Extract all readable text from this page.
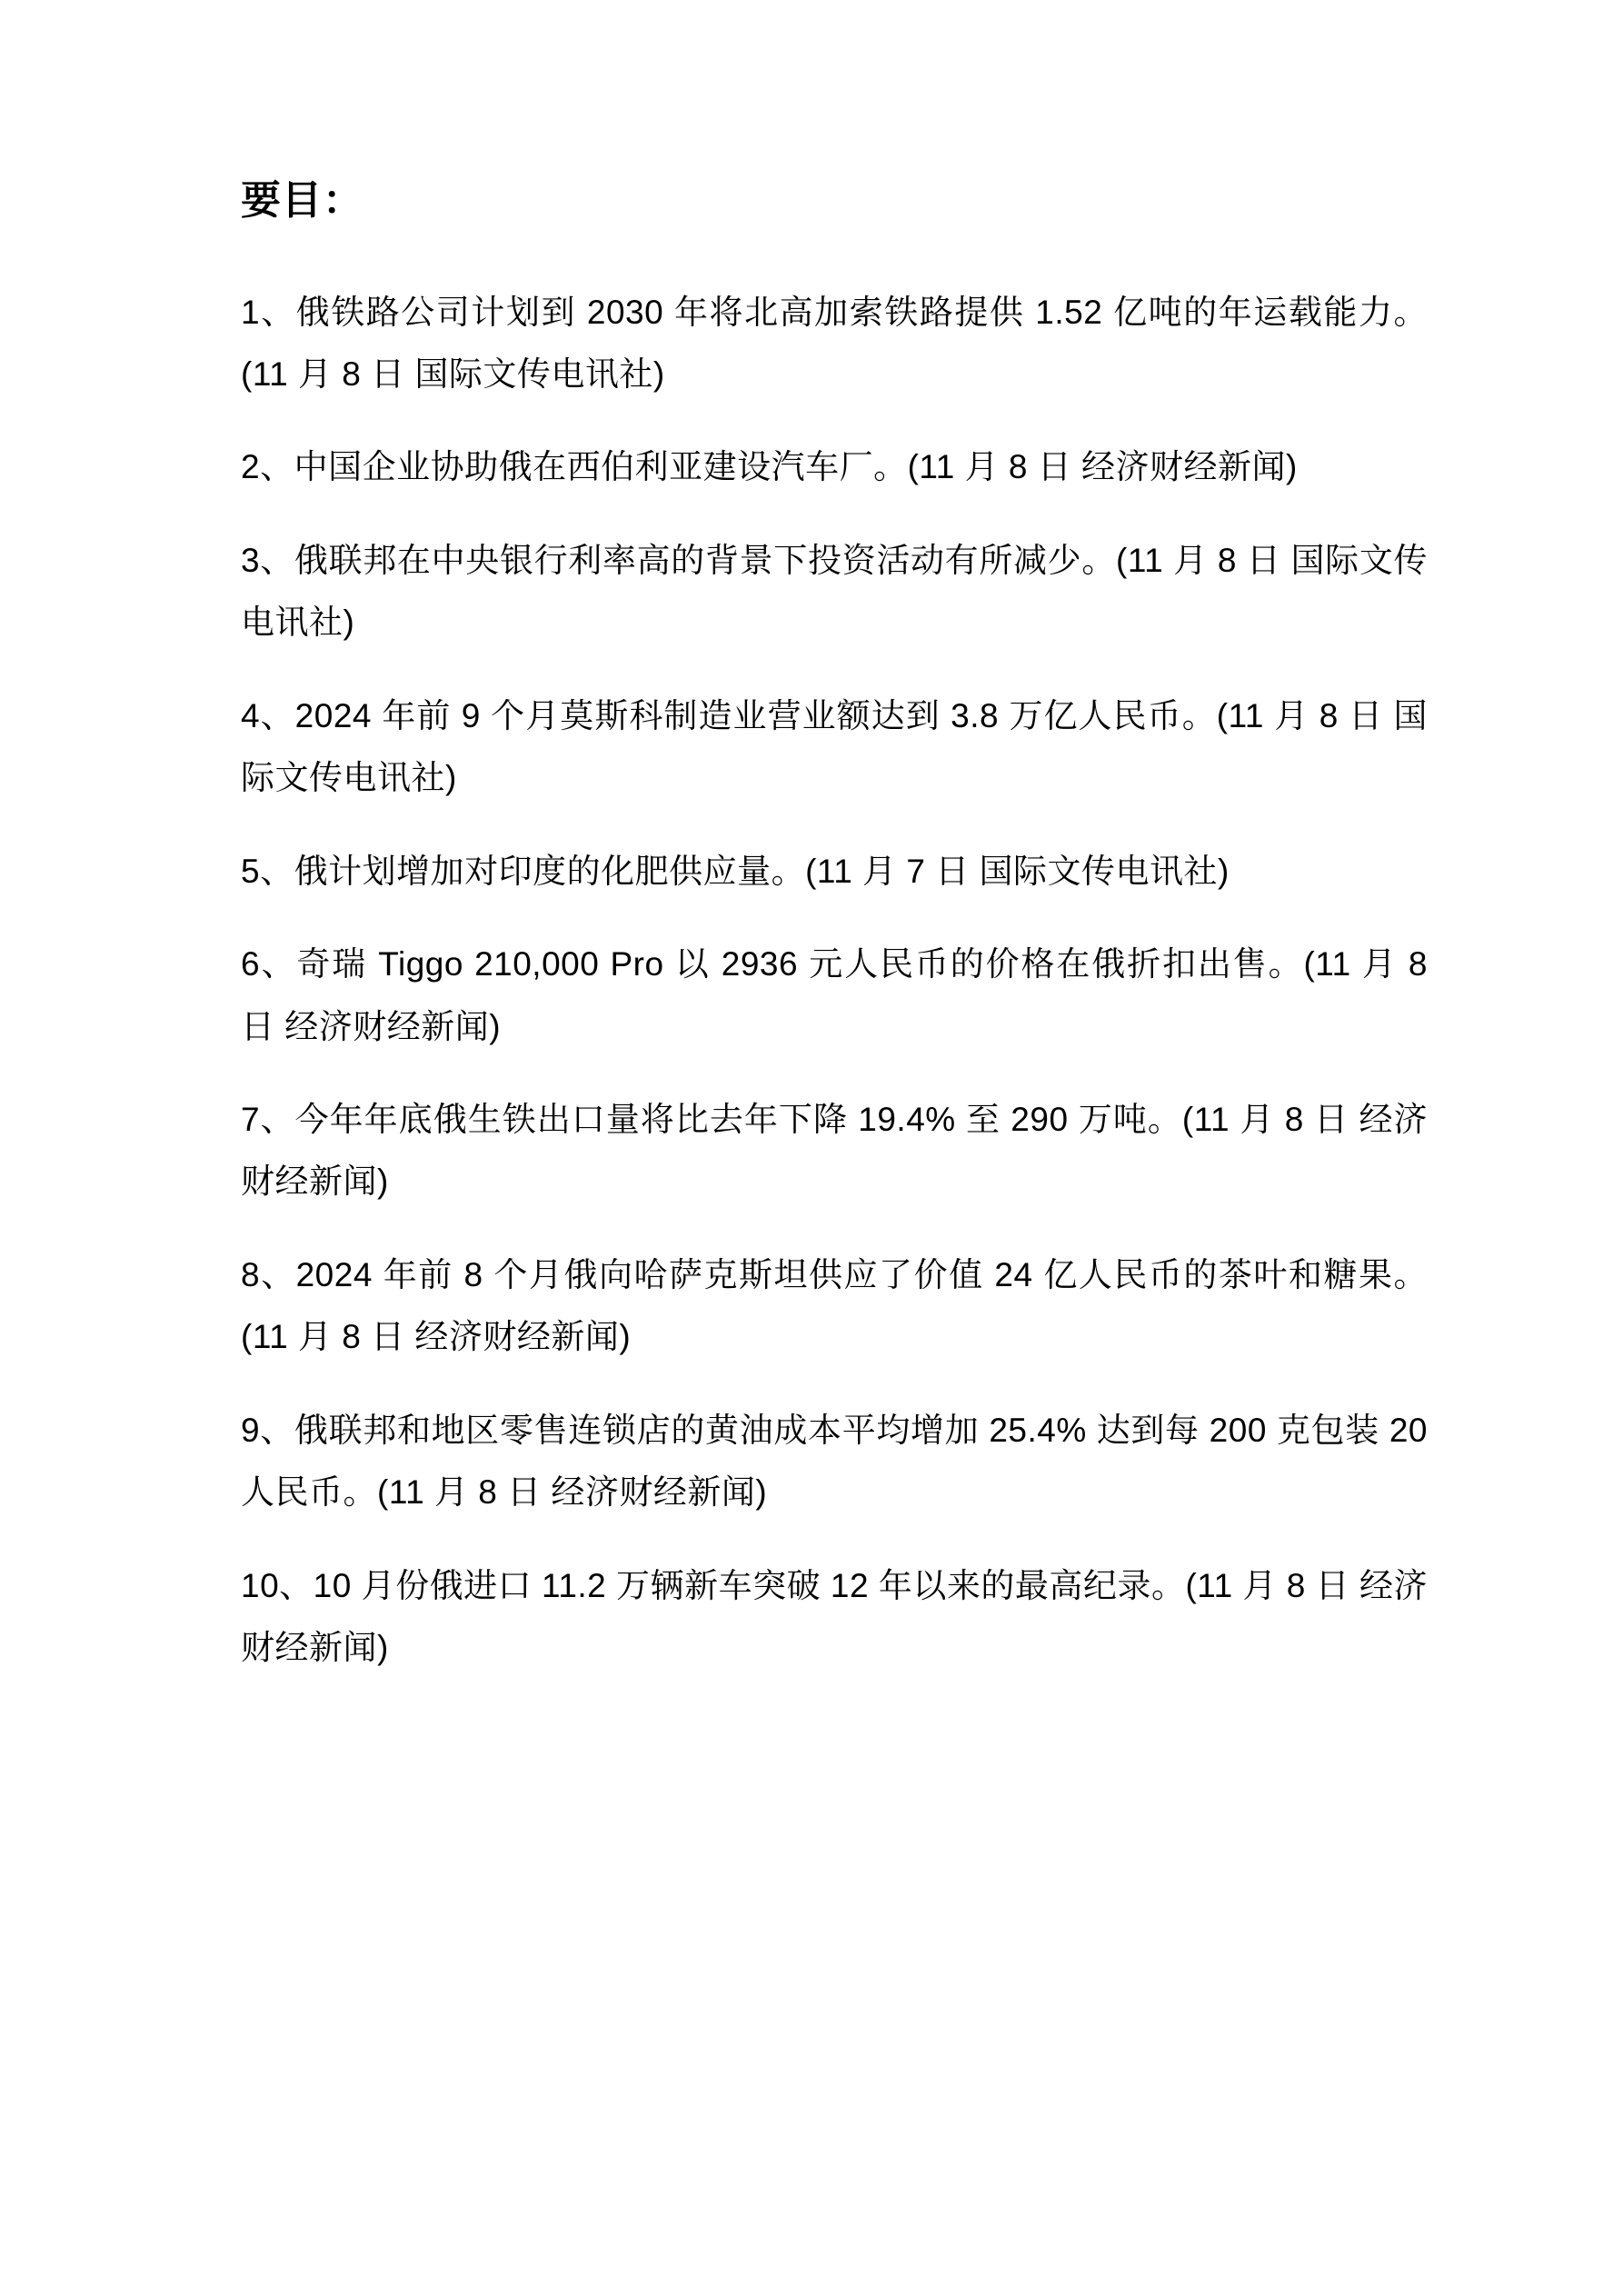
要目：

1、俄铁路公司计划到 2030 年将北高加索铁路提供 1.52 亿吨的年运载能力。(11 月 8 日 国际文传电讯社)

2、中国企业协助俄在西伯利亚建设汽车厂。(11 月 8 日 经济财经新闻)

3、俄联邦在中央银行利率高的背景下投资活动有所减少。(11 月 8 日 国际文传电讯社)

4、2024 年前 9 个月莫斯科制造业营业额达到 3.8 万亿人民币。(11 月 8 日 国际文传电讯社)

5、俄计划增加对印度的化肥供应量。(11 月 7 日 国际文传电讯社)

6、奇瑞 Tiggo 210,000 Pro 以 2936 元人民币的价格在俄折扣出售。(11 月 8 日 经济财经新闻)

7、今年年底俄生铁出口量将比去年下降 19.4% 至 290 万吨。(11 月 8 日 经济财经新闻)

8、2024 年前 8 个月俄向哈萨克斯坦供应了价值 24 亿人民币的茶叶和糖果。(11 月 8 日 经济财经新闻)

9、俄联邦和地区零售连锁店的黄油成本平均增加 25.4% 达到每 200 克包装 20 人民币。(11 月 8 日 经济财经新闻)

10、10 月份俄进口 11.2 万辆新车突破 12 年以来的最高纪录。(11 月 8 日 经济财经新闻)
